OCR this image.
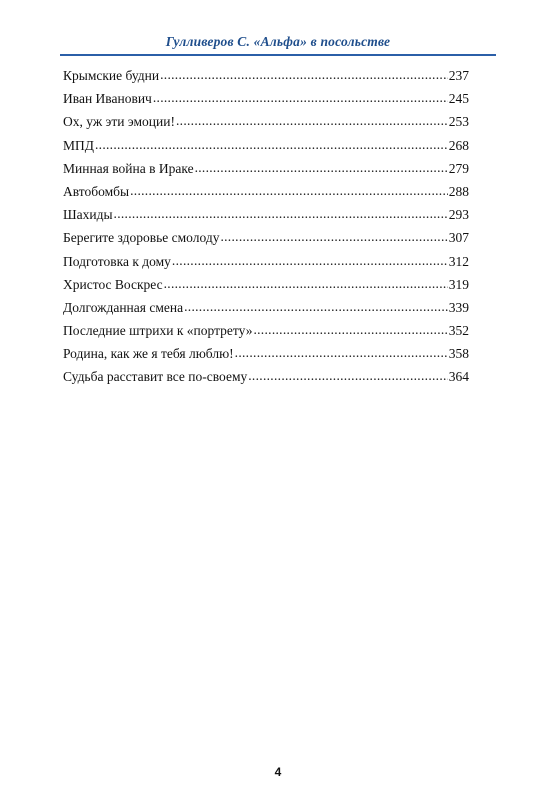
Гулливеров С. «Альфа» в посольстве
Крымские будни .....	237
Иван Иванович .....	245
Ох, уж эти эмоции! .....	253
МПД .....	268
Минная война в Ираке .....	279
Автобомбы .....	288
Шахиды .....	293
Берегите здоровье смолоду .....	307
Подготовка к дому .....	312
Христос Воскрес .....	319
Долгожданная смена .....	339
Последние штрихи к «портрету» .....	352
Родина, как же я тебя люблю! .....	358
Судьба расставит все по-своему .....	364
4
